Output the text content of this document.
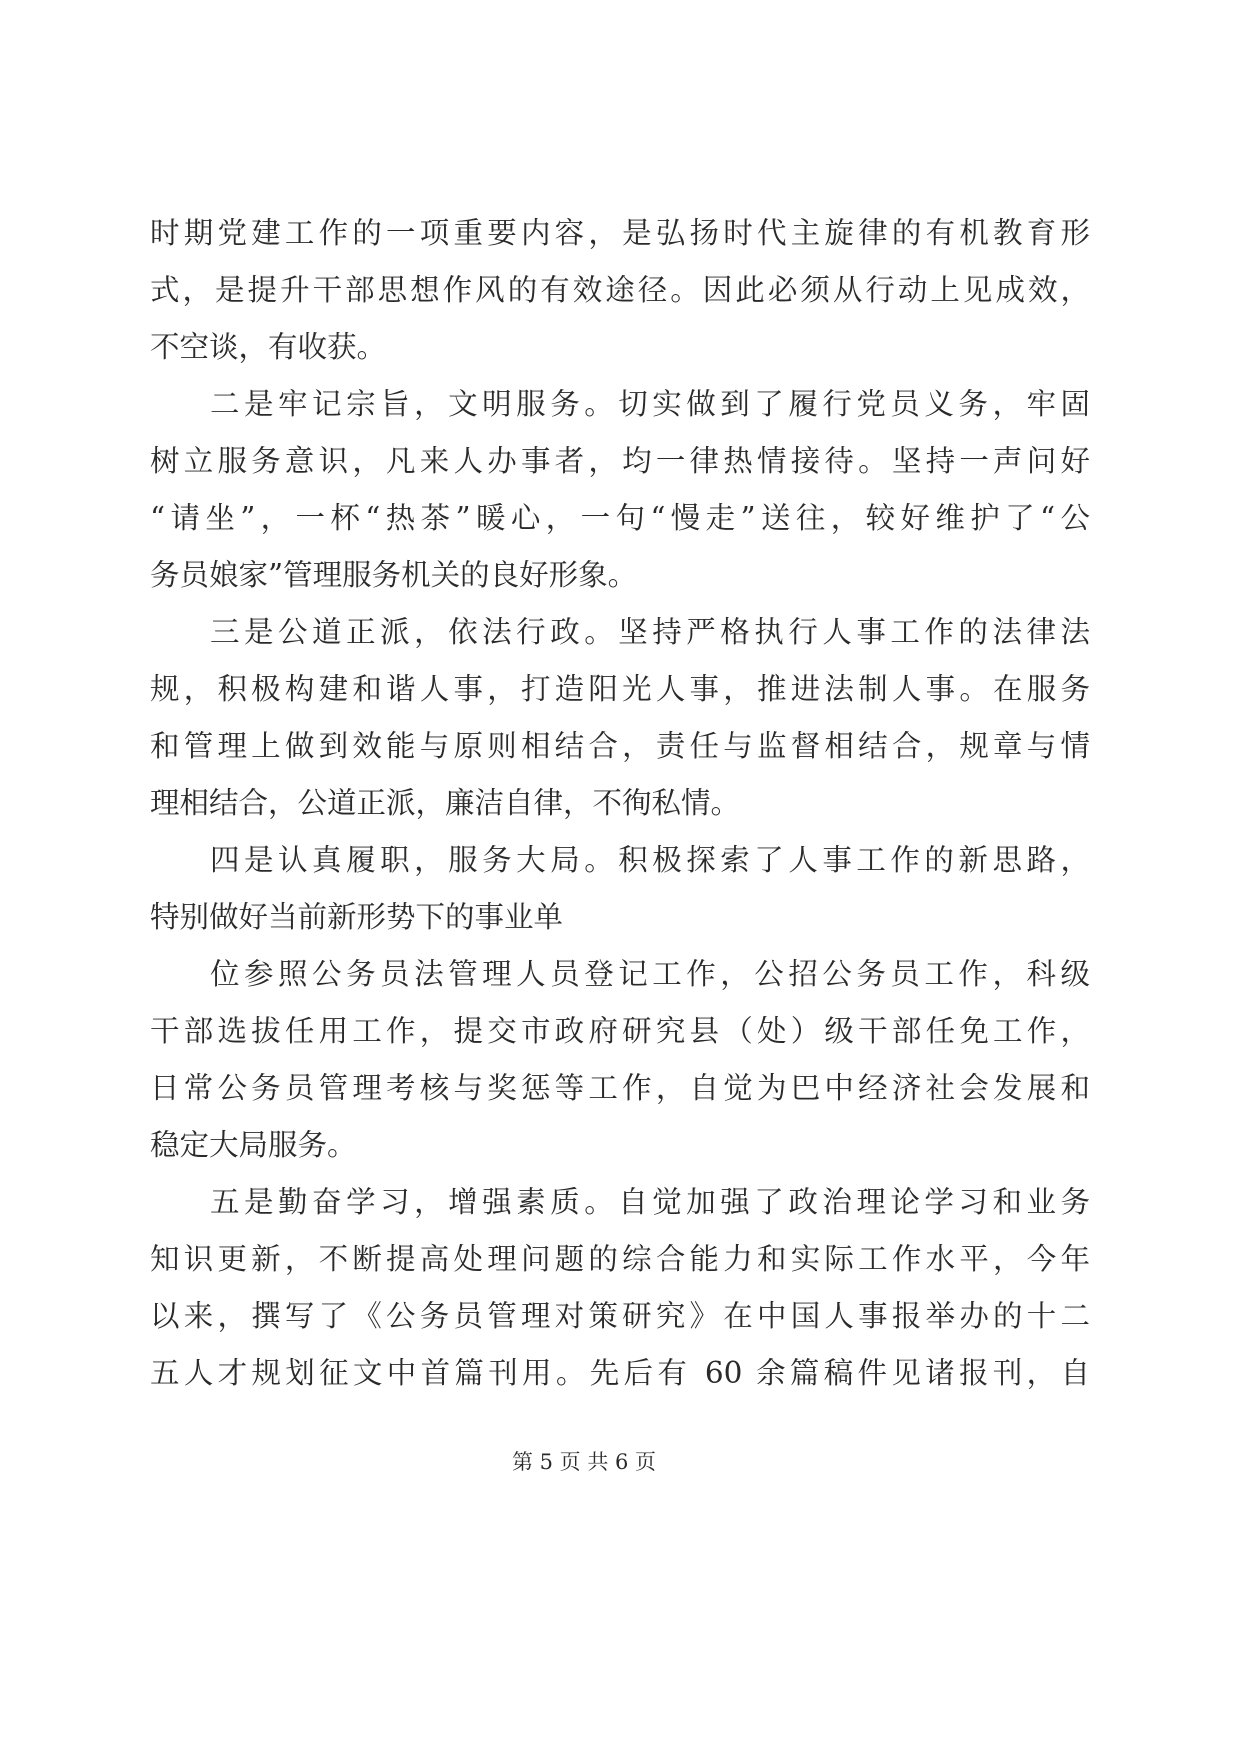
时期党建工作的一项重要内容，是弘扬时代主旋律的有机教育形
式，是提升干部思想作风的有效途径。因此必须从行动上见成效，
不空谈，有收获。
二是牢记宗旨，文明服务。切实做到了履行党员义务，牢固
树立服务意识，凡来人办事者，均一律热情接待。坚持一声问好
“请坐”，一杯“热茶”暖心，一句“慢走”送往，较好维护了“公
务员娘家”管理服务机关的良好形象。
三是公道正派，依法行政。坚持严格执行人事工作的法律法
规，积极构建和谐人事，打造阳光人事，推进法制人事。在服务
和管理上做到效能与原则相结合，责任与监督相结合，规章与情
理相结合，公道正派，廉洁自律，不徇私情。
四是认真履职，服务大局。积极探索了人事工作的新思路，
特别做好当前新形势下的事业单
位参照公务员法管理人员登记工作，公招公务员工作，科级
干部选拔任用工作，提交市政府研究县（处）级干部任免工作，
日常公务员管理考核与奖惩等工作，自觉为巴中经济社会发展和
稳定大局服务。
五是勤奋学习，增强素质。自觉加强了政治理论学习和业务
知识更新，不断提高处理问题的综合能力和实际工作水平，今年
以来，撰写了《公务员管理对策研究》在中国人事报举办的十二
五人才规划征文中首篇刊用。先后有 60 余篇稿件见诸报刊，自
第 5 页 共 6 页
